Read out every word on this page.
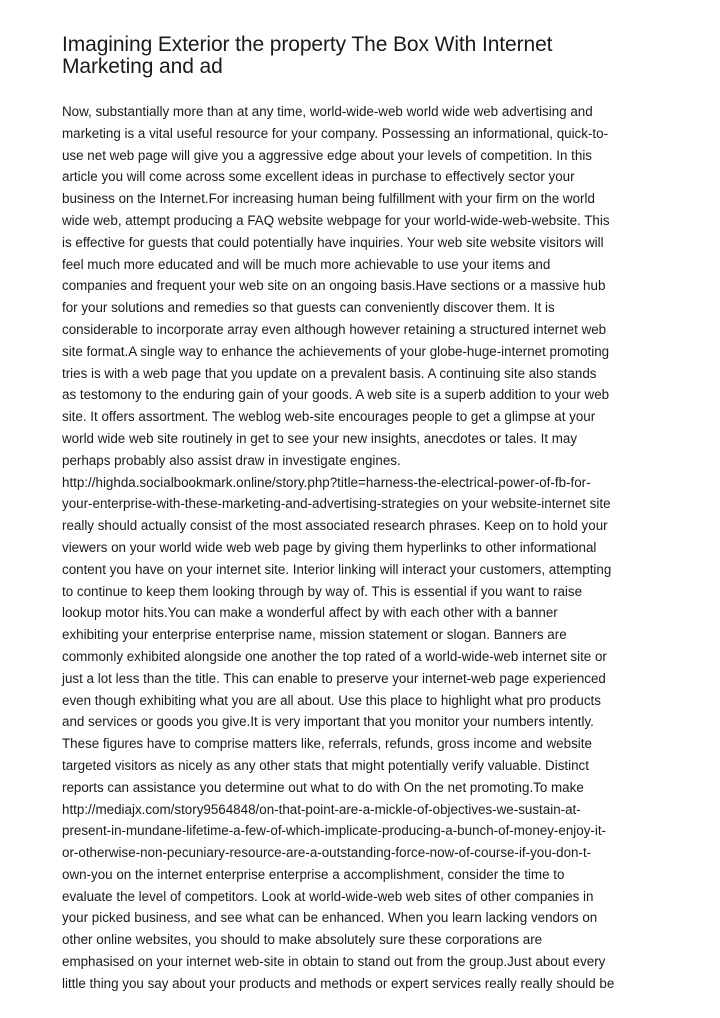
Imagining Exterior the property The Box With Internet
Marketing and ad
Now, substantially more than at any time, world-wide-web world wide web advertising and
marketing is a vital useful resource for your company. Possessing an informational, quick-to-
use net web page will give you a aggressive edge about your levels of competition. In this
article you will come across some excellent ideas in purchase to effectively sector your
business on the Internet.For increasing human being fulfillment with your firm on the world
wide web, attempt producing a FAQ website webpage for your world-wide-web-website. This
is effective for guests that could potentially have inquiries. Your web site website visitors will
feel much more educated and will be much more achievable to use your items and
companies and frequent your web site on an ongoing basis.Have sections or a massive hub
for your solutions and remedies so that guests can conveniently discover them. It is
considerable to incorporate array even although however retaining a structured internet web
site format.A single way to enhance the achievements of your globe-huge-internet promoting
tries is with a web page that you update on a prevalent basis. A continuing site also stands
as testomony to the enduring gain of your goods. A web site is a superb addition to your web
site. It offers assortment. The weblog web-site encourages people to get a glimpse at your
world wide web site routinely in get to see your new insights, anecdotes or tales. It may
perhaps probably also assist draw in investigate engines.
http://highda.socialbookmark.online/story.php?title=harness-the-electrical-power-of-fb-for-
your-enterprise-with-these-marketing-and-advertising-strategies on your website-internet site
really should actually consist of the most associated research phrases. Keep on to hold your
viewers on your world wide web web page by giving them hyperlinks to other informational
content you have on your internet site. Interior linking will interact your customers, attempting
to continue to keep them looking through by way of. This is essential if you want to raise
lookup motor hits.You can make a wonderful affect by with each other with a banner
exhibiting your enterprise enterprise name, mission statement or slogan. Banners are
commonly exhibited alongside one another the top rated of a world-wide-web internet site or
just a lot less than the title. This can enable to preserve your internet-web page experienced
even though exhibiting what you are all about. Use this place to highlight what pro products
and services or goods you give.It is very important that you monitor your numbers intently.
These figures have to comprise matters like, referrals, refunds, gross income and website
targeted visitors as nicely as any other stats that might potentially verify valuable. Distinct
reports can assistance you determine out what to do with On the net promoting.To make
http://mediajx.com/story9564848/on-that-point-are-a-mickle-of-objectives-we-sustain-at-
present-in-mundane-lifetime-a-few-of-which-implicate-producing-a-bunch-of-money-enjoy-it-
or-otherwise-non-pecuniary-resource-are-a-outstanding-force-now-of-course-if-you-don-t-
own-you on the internet enterprise enterprise a accomplishment, consider the time to
evaluate the level of competitors. Look at world-wide-web web sites of other companies in
your picked business, and see what can be enhanced. When you learn lacking vendors on
other online websites, you should to make absolutely sure these corporations are
emphasised on your internet web-site in obtain to stand out from the group.Just about every
little thing you say about your products and methods or expert services really really should be
